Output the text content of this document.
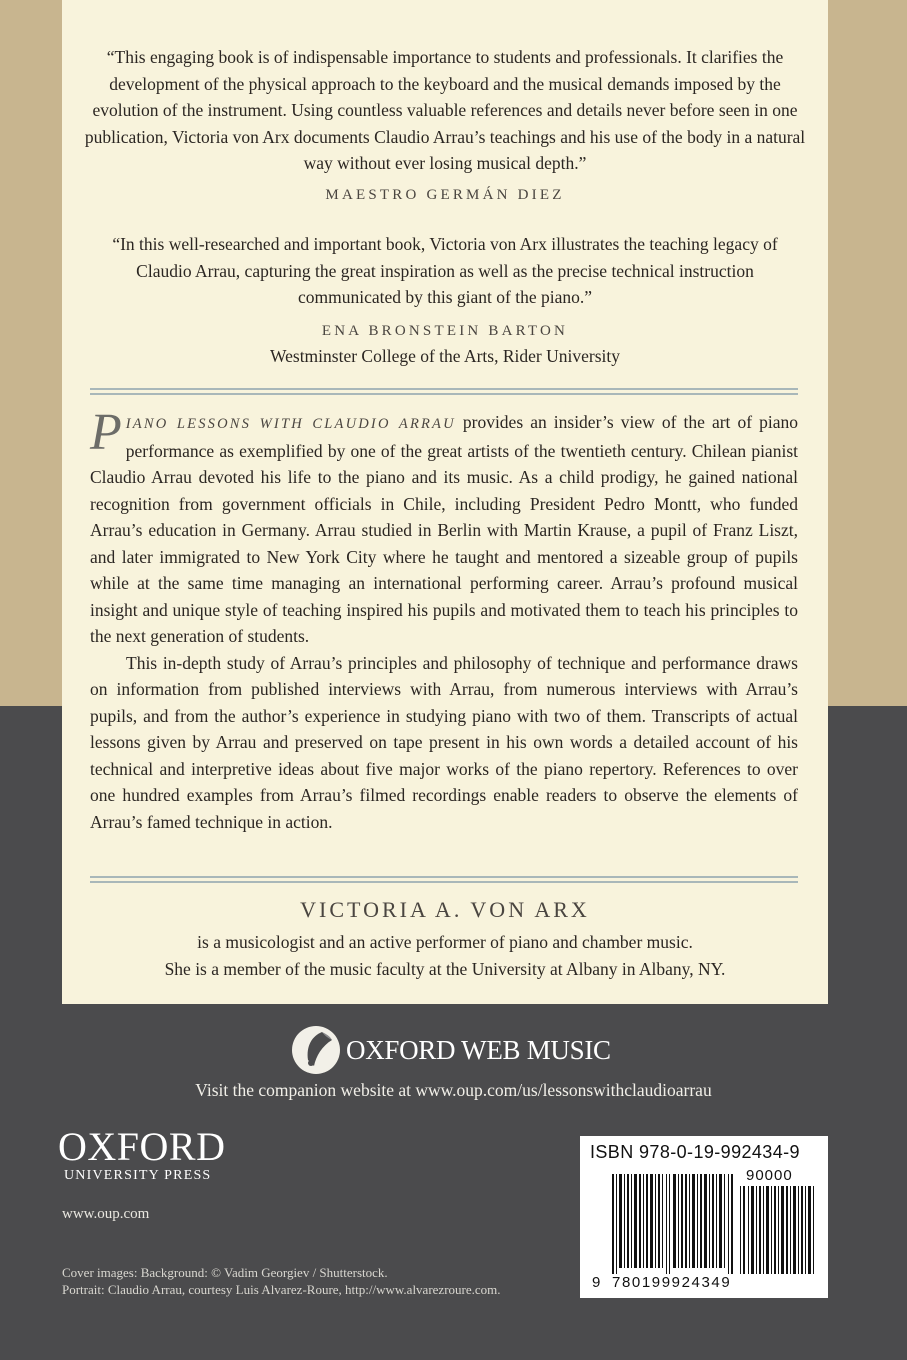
“This engaging book is of indispensable importance to students and professionals. It clarifies the development of the physical approach to the keyboard and the musical demands imposed by the evolution of the instrument. Using countless valuable references and details never before seen in one publication, Victoria von Arx documents Claudio Arrau’s teachings and his use of the body in a natural way without ever losing musical depth.”
MAESTRO GERMÁN DIEZ
“In this well-researched and important book, Victoria von Arx illustrates the teaching legacy of Claudio Arrau, capturing the great inspiration as well as the precise technical instruction communicated by this giant of the piano.”
ENA BRONSTEIN BARTON
Westminster College of the Arts, Rider University

PIANO LESSONS WITH CLAUDIO ARRAU provides an insider’s view of the art of piano performance as exemplified by one of the great artists of the twentieth century. Chilean pianist Claudio Arrau devoted his life to the piano and its music. As a child prodigy, he gained national recognition from government officials in Chile, including President Pedro Montt, who funded Arrau’s education in Germany. Arrau studied in Berlin with Martin Krause, a pupil of Franz Liszt, and later immigrated to New York City where he taught and mentored a sizeable group of pupils while at the same time managing an international performing career. Arrau’s profound musical insight and unique style of teaching inspired his pupils and motivated them to teach his principles to the next generation of students.

This in-depth study of Arrau’s principles and philosophy of technique and performance draws on information from published interviews with Arrau, from numerous interviews with Arrau’s pupils, and from the author’s experience in studying piano with two of them. Transcripts of actual lessons given by Arrau and preserved on tape present in his own words a detailed account of his technical and interpretive ideas about five major works of the piano repertory. References to over one hundred examples from Arrau’s filmed recordings enable readers to observe the elements of Arrau’s famed technique in action.

VICTORIA A. VON ARX
is a musicologist and an active performer of piano and chamber music.
She is a member of the music faculty at the University at Albany in Albany, NY.
OXFORD WEB MUSIC
Visit the companion website at www.oup.com/us/lessonswithclaudioarrau
OXFORD
UNIVERSITY PRESS
www.oup.com
Cover images: Background: © Vadim Georgiev / Shutterstock.
Portrait: Claudio Arrau, courtesy Luis Alvarez-Roure, http://www.alvarezroure.com.
ISBN 978-0-19-992434-9
90000
9 780199924349
